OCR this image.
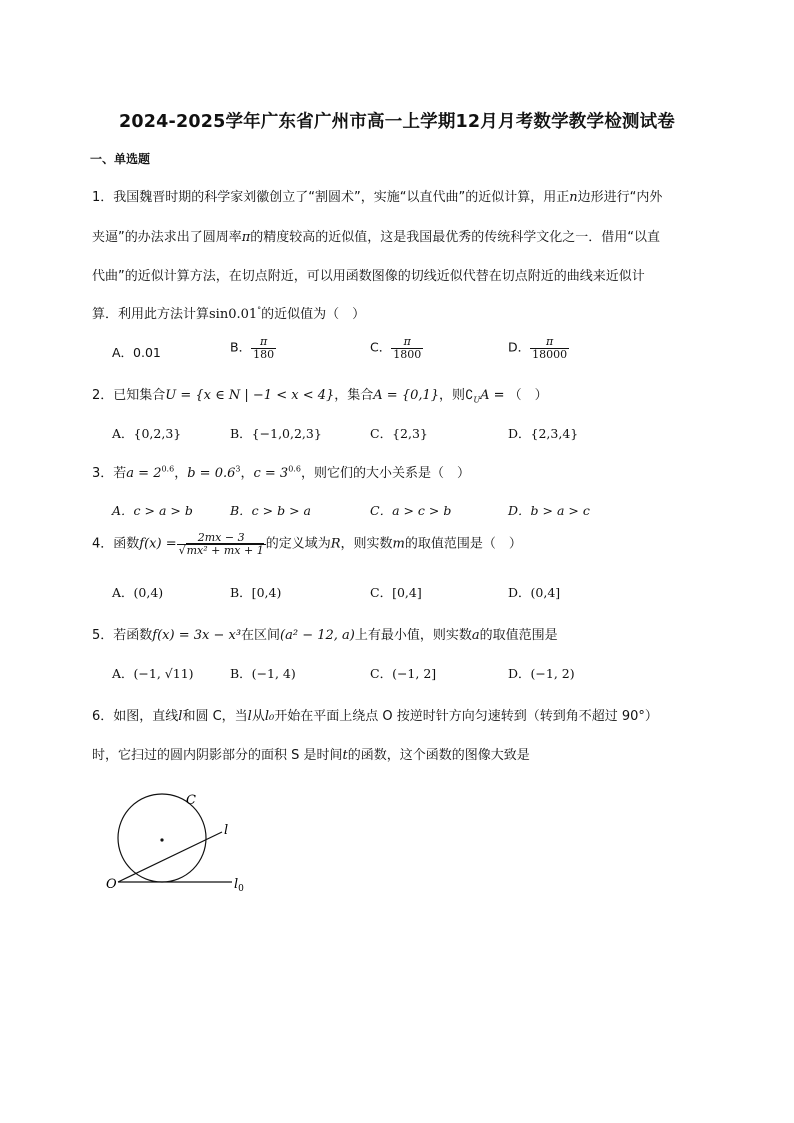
2024-2025学年广东省广州市高一上学期12月月考数学教学检测试卷
一、单选题
1．我国魏晋时期的科学家刘徽创立了“割圆术”，实施“以直代曲”的近似计算，用正n边形进行“内外
夹逼”的办法求出了圆周率π的精度较高的近似值，这是我国最优秀的传统科学文化之一．借用“以直
代曲”的近似计算方法，在切点附近，可以用函数图像的切线近似代替在切点附近的曲线来近似计
算．利用此方法计算sin0.01°的近似值为（　）
A．0.01	B． $\frac{\pi}{180}$	C． $\frac{\pi}{1800}$	D． $\frac{\pi}{18000}$
2．已知集合U = {x ∈ N | −1 < x < 4}，集合A = {0,1}，则$∁_UA$ = （　）
A．{0,2,3}	B．{−1,0,2,3}	C．{2,3}	D．{2,3,4}
3．若$a = 2^{0.6}$，$b = 0.6^3$，$c = 3^{0.6}$，则它们的大小关系是（　）
A．c > a > b	B．c > b > a	C．a > c > b	D．b > a > c
4．函数$f(x) = \frac{2mx - 3}{\text{√mx² + mx + 1}}$ 的定义域为R，则实数m的取值范围是（　）
A．(0,4)	B．[0,4)	C．[0,4]	D．(0,4]
5．若函数f(x) = 3x − x³在区间(a² − 12, a)上有最小值，则实数a的取值范围是
A．(−1, √11)	B．(−1, 4)	C．(−1, 2]	D．(−1, 2)
6．如图，直线l和圆 C，当l从l₀开始在平面上绕点 O 按逆时针方向匀速转到（转到角不超过 90°）
时，它扫过的圆内阴影部分的面积 S 是时间t的函数，这个函数的图像大致是
C
l
O	$l_0$
